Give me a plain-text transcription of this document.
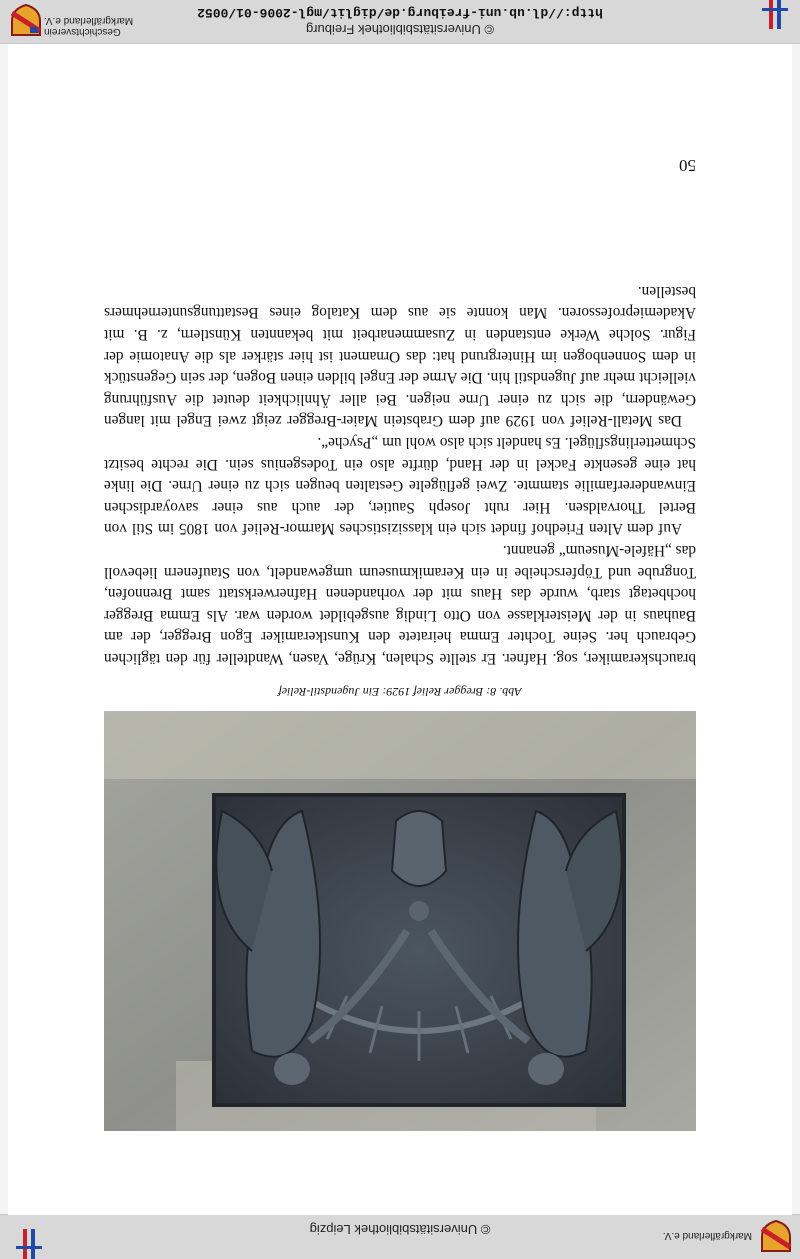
Markgräflerland e.V.
© Universitätsbibliothek Leipzig
© Universitätsbibliothek Freiburg
http://dl.ub.uni-freiburg.de/diglit/mgl-2006-01/0052
Geschichtsverein
Markgräflerland e.V.
Abb. 8: Bregger Relief 1929: Ein Jugendstil-Relief

brauchskeramiker, sog. Hafner. Er stellte Schalen, Krüge, Vasen, Wandteller für den täglichen Gebrauch her. Seine Tochter Emma heiratete den Kunstkeramiker Egon Bregger, der am Bauhaus in der Meisterklasse von Otto Lindig ausgebildet worden war. Als Emma Bregger hochbetagt starb, wurde das Haus mit der vorhandenen Hafnerwerkstatt samt Brennofen, Tongrube und Töpferscheibe in ein Keramikmuseum umgewandelt, von Staufenern liebevoll das „Häfele-Museum“ genannt.

Auf dem Alten Friedhof findet sich ein klassizistisches Marmor-Relief von 1805 im Stil von Bertel Thorvaldsen. Hier ruht Joseph Sautier, der auch aus einer savoyardischen Einwandererfamilie stammte. Zwei geflügelte Gestalten beugen sich zu einer Urne. Die linke hat eine gesenkte Fackel in der Hand, dürfte also ein Todesgenius sein. Die rechte besitzt Schmetterlingsflügel. Es handelt sich also wohl um „Psyche“.

Das Metall-Relief von 1929 auf dem Grabstein Maier-Bregger zeigt zwei Engel mit langen Gewändern, die sich zu einer Urne neigen. Bei aller Ähnlichkeit deutet die Ausführung vielleicht mehr auf Jugendstil hin. Die Arme der Engel bilden einen Bogen, der sein Gegenstück in dem Sonnenbogen im Hintergrund hat: das Ornament ist hier stärker als die Anatomie der Figur. Solche Werke entstanden in Zusammenarbeit mit bekannten Künstlern, z. B. mit Akademieprofessoren. Man konnte sie aus dem Katalog eines Bestattungsunternehmers bestellen.

50
